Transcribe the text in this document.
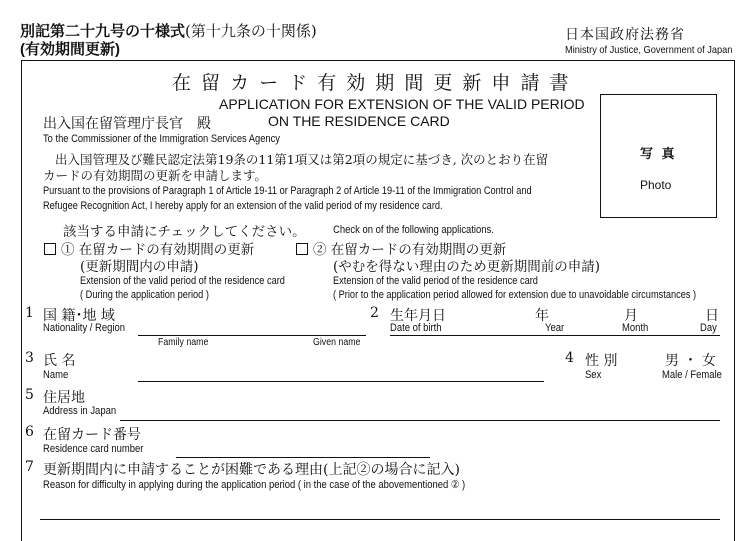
別記第二十九号の十様式(第十九条の十関係)
(有効期間更新)
日本国政府法務省
Ministry of Justice, Government of Japan
在 留 カ ー ド 有 効 期 間 更 新 申 請 書
APPLICATION FOR EXTENSION OF THE VALID PERIOD
ON THE RESIDENCE CARD
出入国在留管理庁長官　殿
To the Commissioner of the Immigration Services Agency
写 真
Photo
出入国管理及び難民認定法第19条の11第1項又は第2項の規定に基づき, 次のとおり在留
カードの有効期間の更新を申請します。
Pursuant to the provisions of Paragraph 1 of Article 19-11 or Paragraph 2 of Article 19-11 of the Immigration Control and
Refugee Recognition Act, I hereby apply for an extension of the valid period of my residence card.
該当する申請にチェックしてください。 Check on of the following applications.
① 在留カードの有効期間の更新
(更新期間内の申請)
Extension of the valid period of the residence card
( During the application period )
② 在留カードの有効期間の更新
(やむを得ない理由のため更新期間前の申請)
Extension of the valid period of the residence card
( Prior to the application period allowed for extension due to unavoidable circumstances )
1 国 籍･地 域
Nationality / Region
2 生年月日
Date of birth
年
Year
月
Month
日
Day
Family name	Given name
3 氏 名
Name
4 性 別
Sex
男 ・ 女
Male / Female
5 住居地
Address in Japan
6 在留カード番号
Residence card number
7 更新期間内に申請することが困難である理由(上記②の場合に記入)
Reason for difficulty in applying during the application period ( in the case of the abovementioned ② )
